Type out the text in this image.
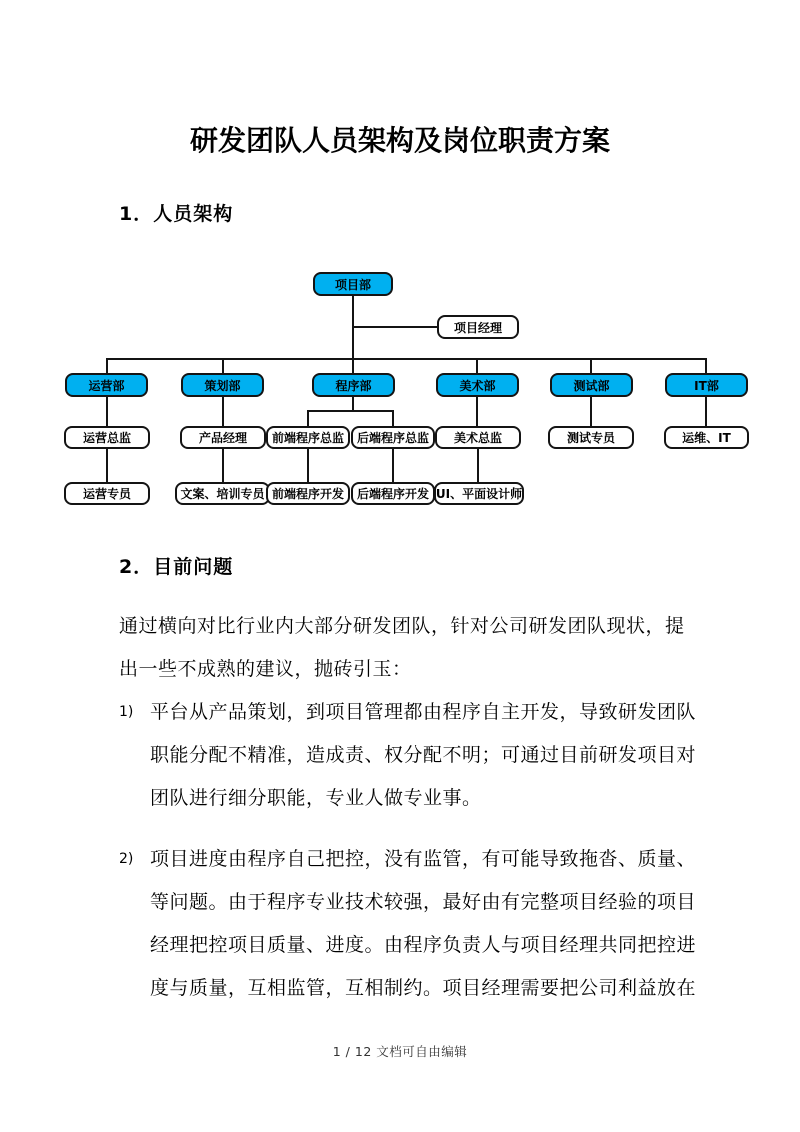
研发团队人员架构及岗位职责方案
1．人员架构
项目部
项目经理
运营部	策划部	程序部	美术部	测试部	IT部
运营总监	产品经理	前端程序总监	后端程序总监	美术总监	测试专员	运维、IT
运营专员	文案、培训专员 前端程序开发	后端程序开发 UI、平面设计师
2．目前问题
通过横向对比行业内大部分研发团队，针对公司研发团队现状，提
出一些不成熟的建议，抛砖引玉：
1) 平台从产品策划，到项目管理都由程序自主开发，导致研发团队
职能分配不精准，造成责、权分配不明；可通过目前研发项目对
团队进行细分职能，专业人做专业事。
2) 项目进度由程序自己把控，没有监管，有可能导致拖沓、质量、
等问题。由于程序专业技术较强，最好由有完整项目经验的项目
经理把控项目质量、进度。由程序负责人与项目经理共同把控进
度与质量，互相监管，互相制约。项目经理需要把公司利益放在
1 / 12 文档可自由编辑
